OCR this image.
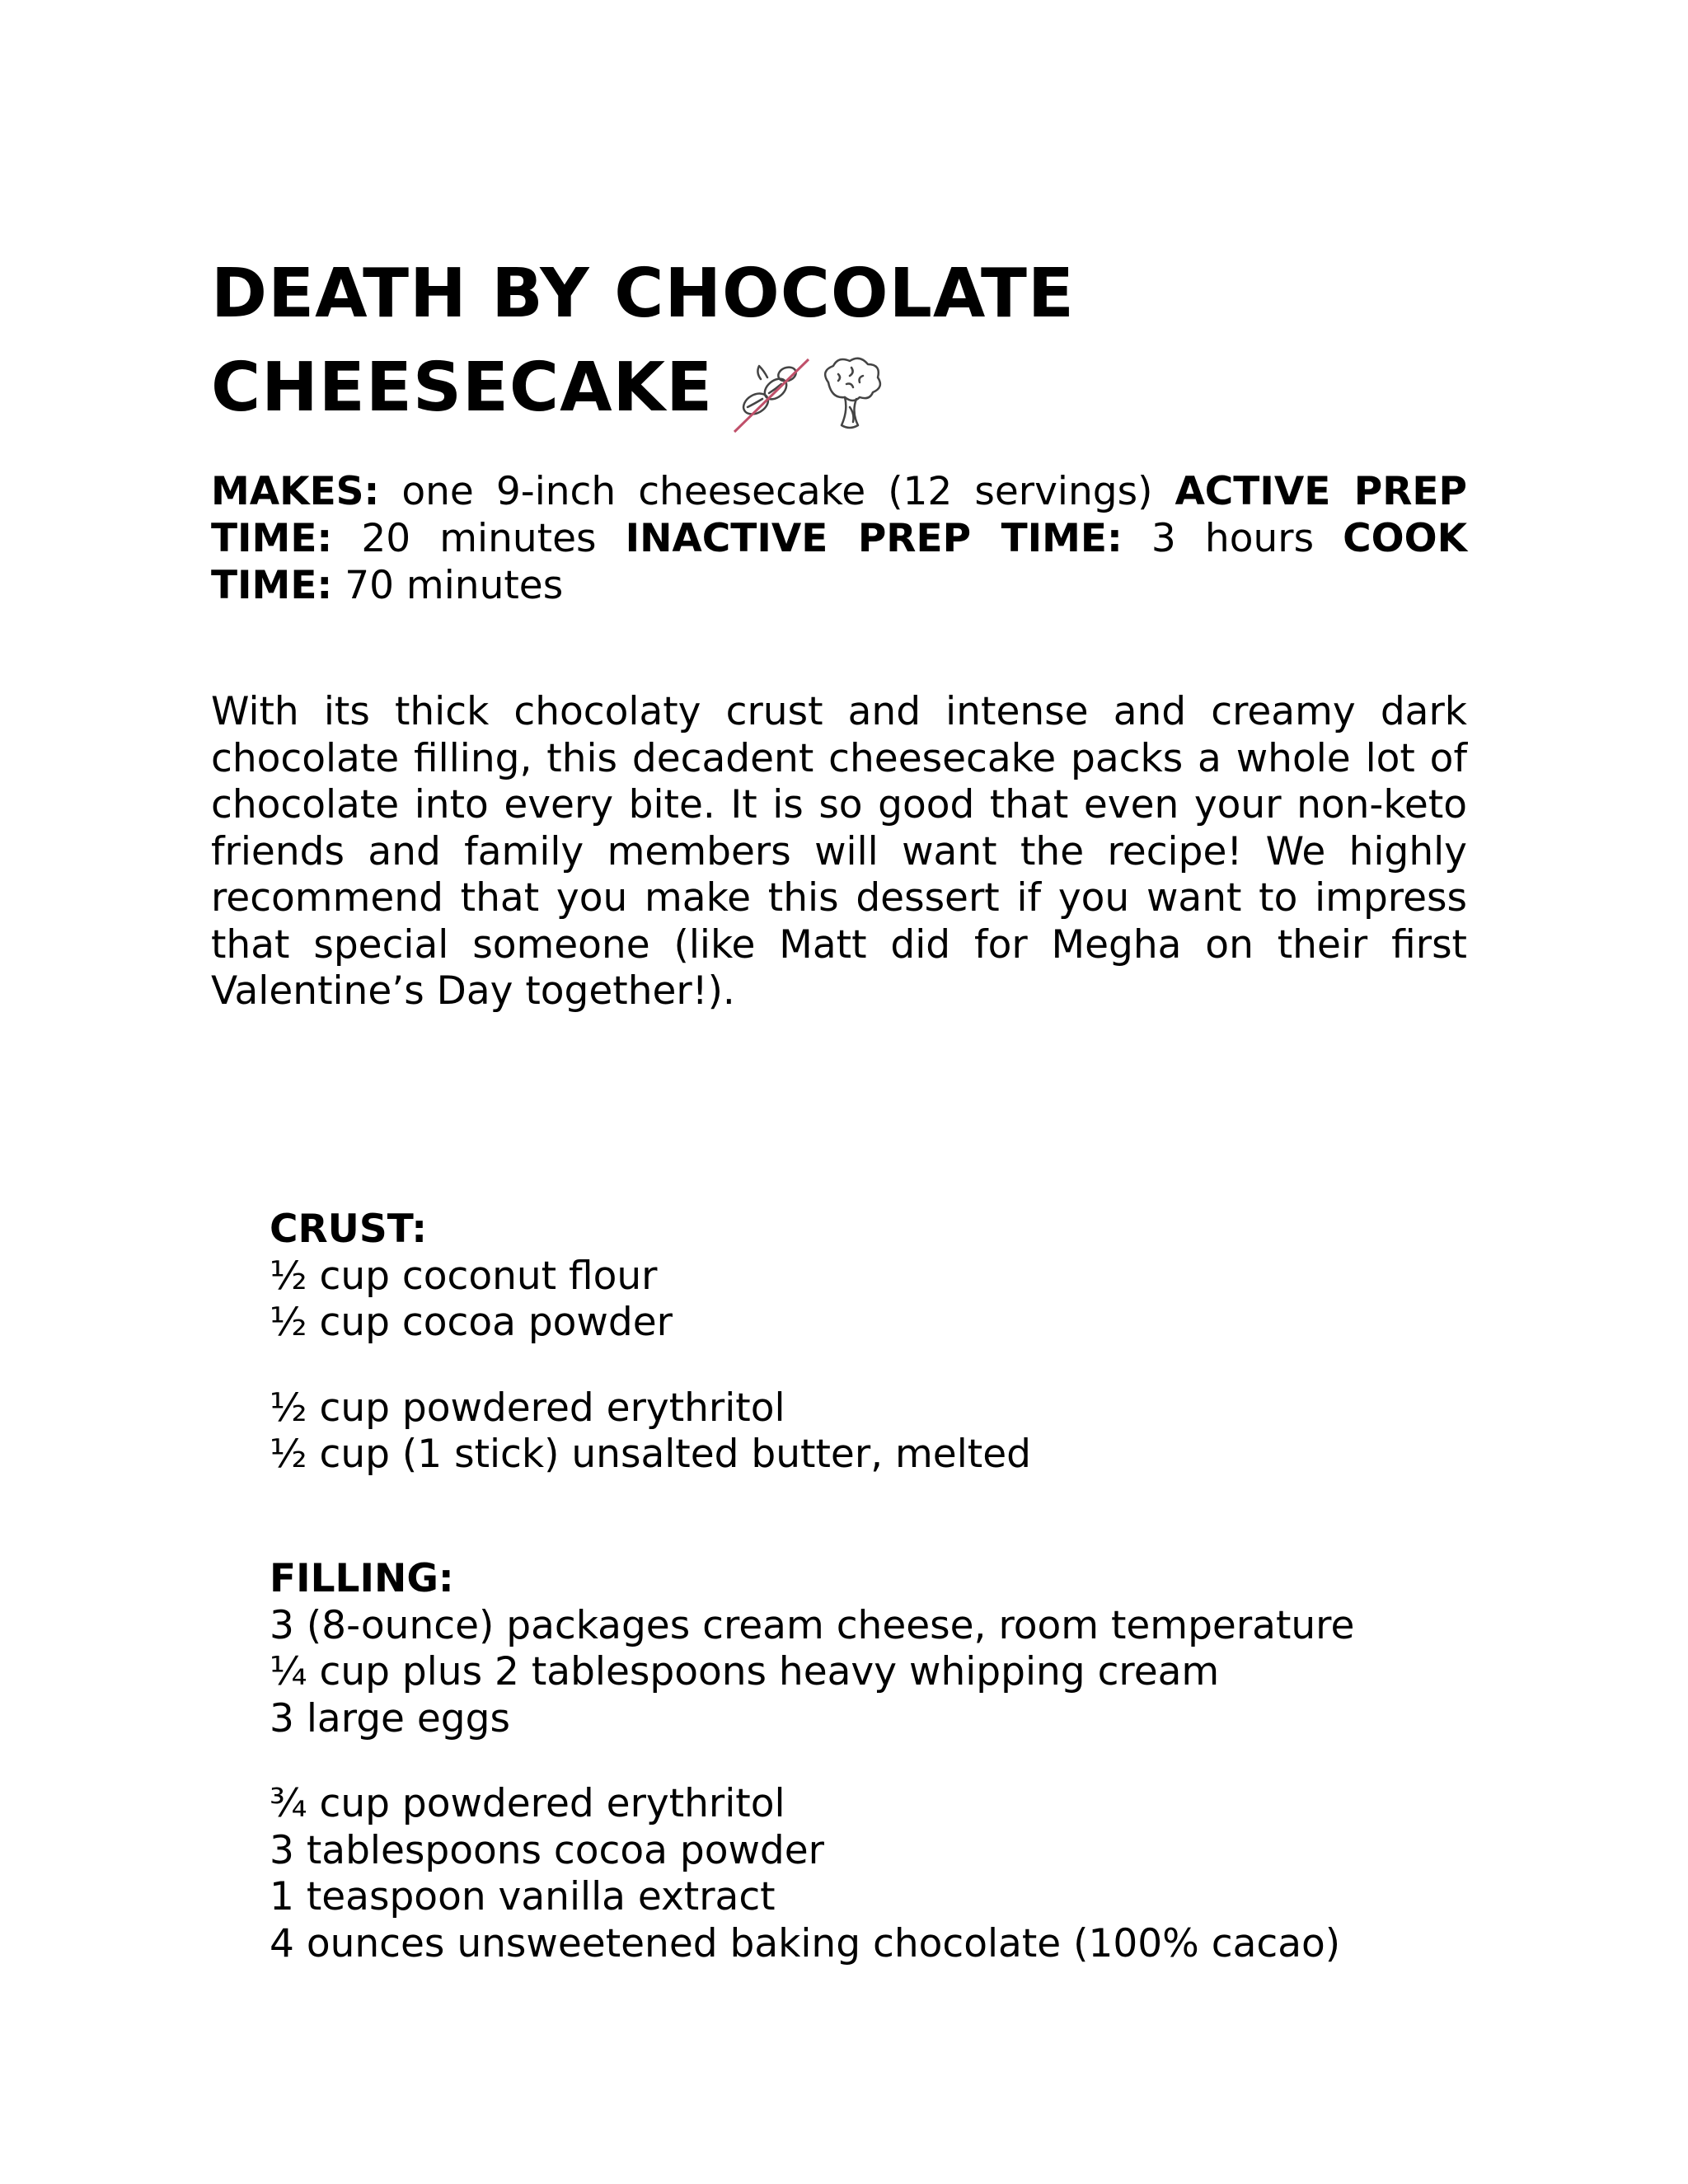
DEATH BY CHOCOLATE
CHEESECAKE

MAKES: one 9-inch cheesecake (12 servings) ACTIVE PREP TIME: 20 minutes INACTIVE PREP TIME: 3 hours COOK TIME: 70 minutes

With its thick chocolaty crust and intense and creamy dark chocolate filling, this decadent cheesecake packs a whole lot of chocolate into every bite. It is so good that even your non-keto friends and family members will want the recipe! We highly recommend that you make this dessert if you want to impress that special someone (like Matt did for Megha on their first Valentine’s Day together!).

CRUST:
½ cup coconut flour
½ cup cocoa powder
½ cup powdered erythritol
½ cup (1 stick) unsalted butter, melted
FILLING:
3 (8-ounce) packages cream cheese, room temperature
¼ cup plus 2 tablespoons heavy whipping cream
3 large eggs
¾ cup powdered erythritol
3 tablespoons cocoa powder
1 teaspoon vanilla extract
4 ounces unsweetened baking chocolate (100% cacao)
